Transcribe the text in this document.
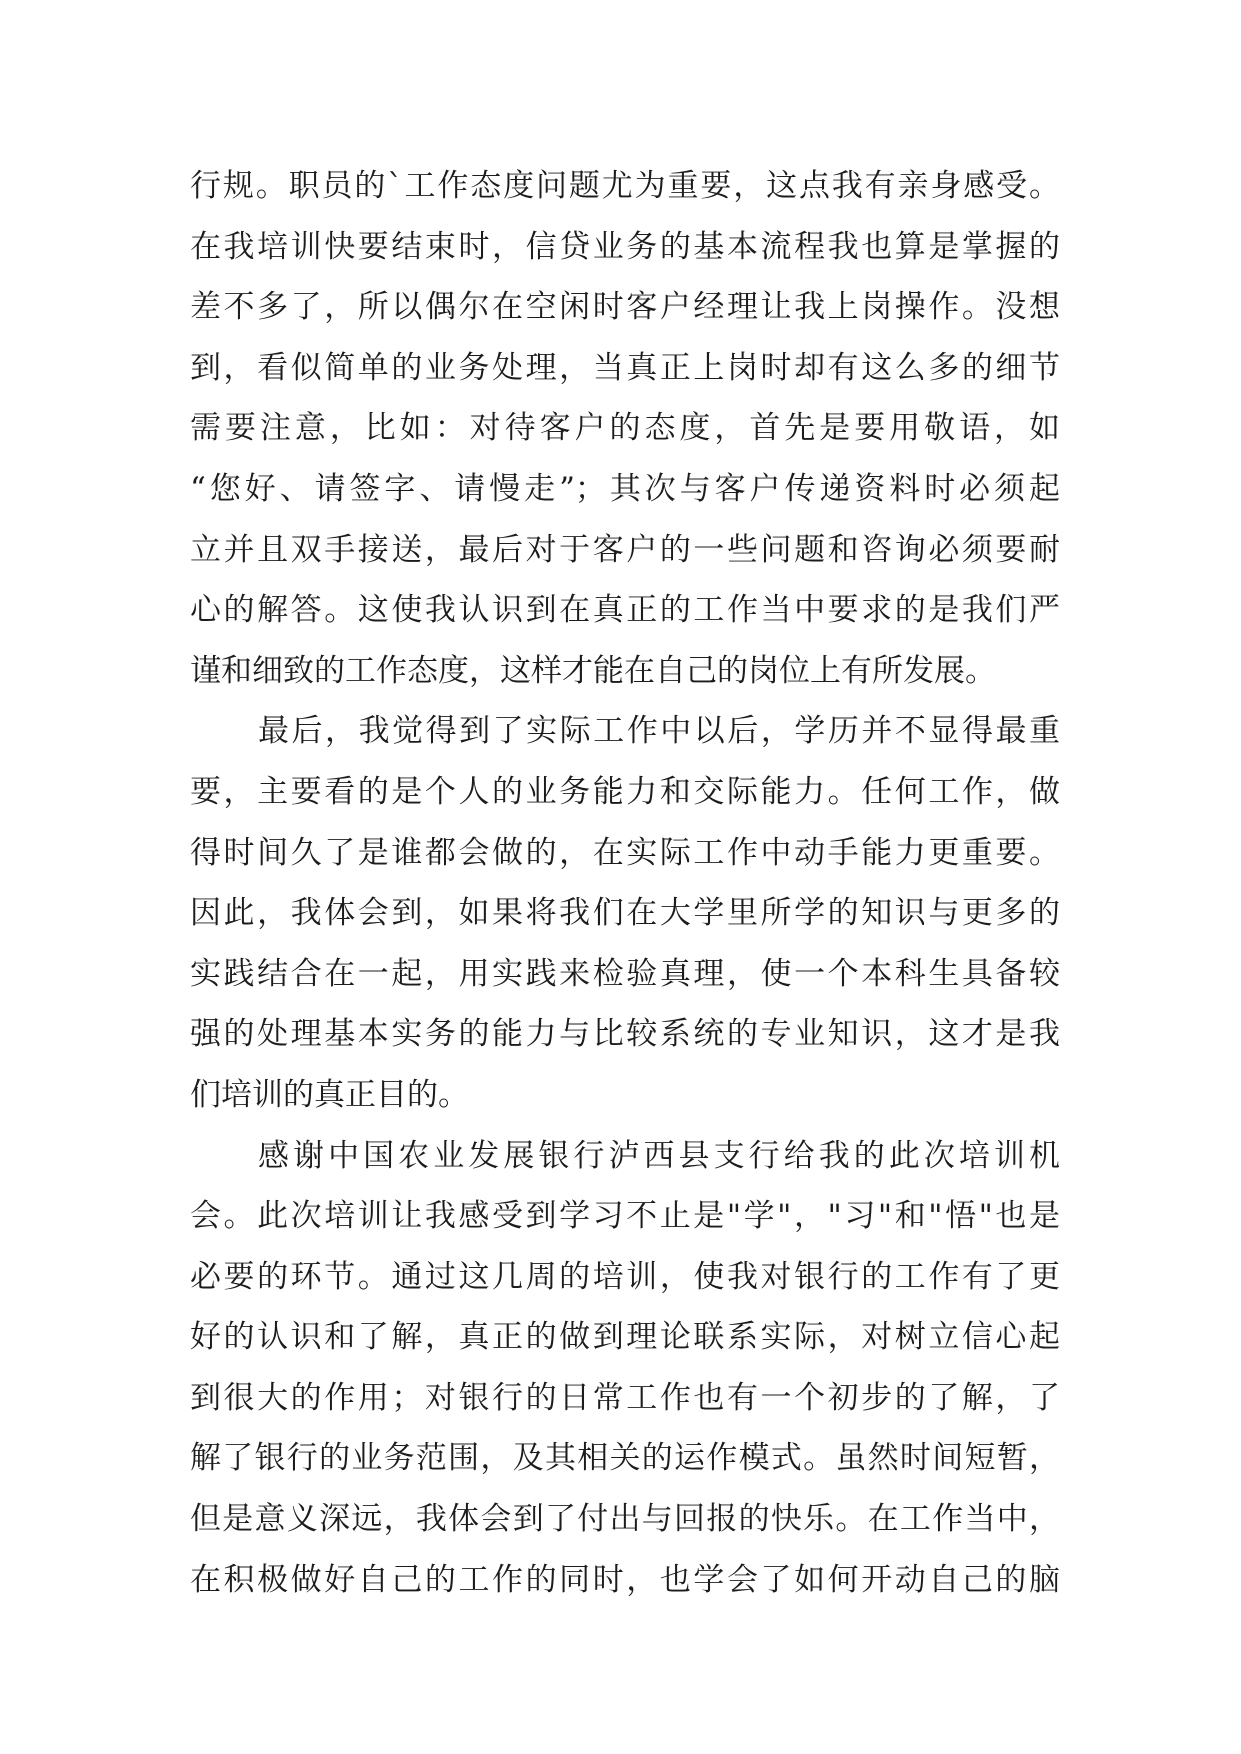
行规。职员的`工作态度问题尤为重要，这点我有亲身感受。
在我培训快要结束时，信贷业务的基本流程我也算是掌握的
差不多了，所以偶尔在空闲时客户经理让我上岗操作。没想
到，看似简单的业务处理，当真正上岗时却有这么多的细节
需要注意，比如：对待客户的态度，首先是要用敬语，如
“您好、请签字、请慢走”；其次与客户传递资料时必须起
立并且双手接送，最后对于客户的一些问题和咨询必须要耐
心的解答。这使我认识到在真正的工作当中要求的是我们严
谨和细致的工作态度，这样才能在自己的岗位上有所发展。
最后，我觉得到了实际工作中以后，学历并不显得最重
要，主要看的是个人的业务能力和交际能力。任何工作，做
得时间久了是谁都会做的，在实际工作中动手能力更重要。
因此，我体会到，如果将我们在大学里所学的知识与更多的
实践结合在一起，用实践来检验真理，使一个本科生具备较
强的处理基本实务的能力与比较系统的专业知识，这才是我
们培训的真正目的。
感谢中国农业发展银行泸西县支行给我的此次培训机
会。此次培训让我感受到学习不止是"学"，"习"和"悟"也是
必要的环节。通过这几周的培训，使我对银行的工作有了更
好的认识和了解，真正的做到理论联系实际，对树立信心起
到很大的作用；对银行的日常工作也有一个初步的了解，了
解了银行的业务范围，及其相关的运作模式。虽然时间短暂，
但是意义深远，我体会到了付出与回报的快乐。在工作当中，
在积极做好自己的工作的同时，也学会了如何开动自己的脑
